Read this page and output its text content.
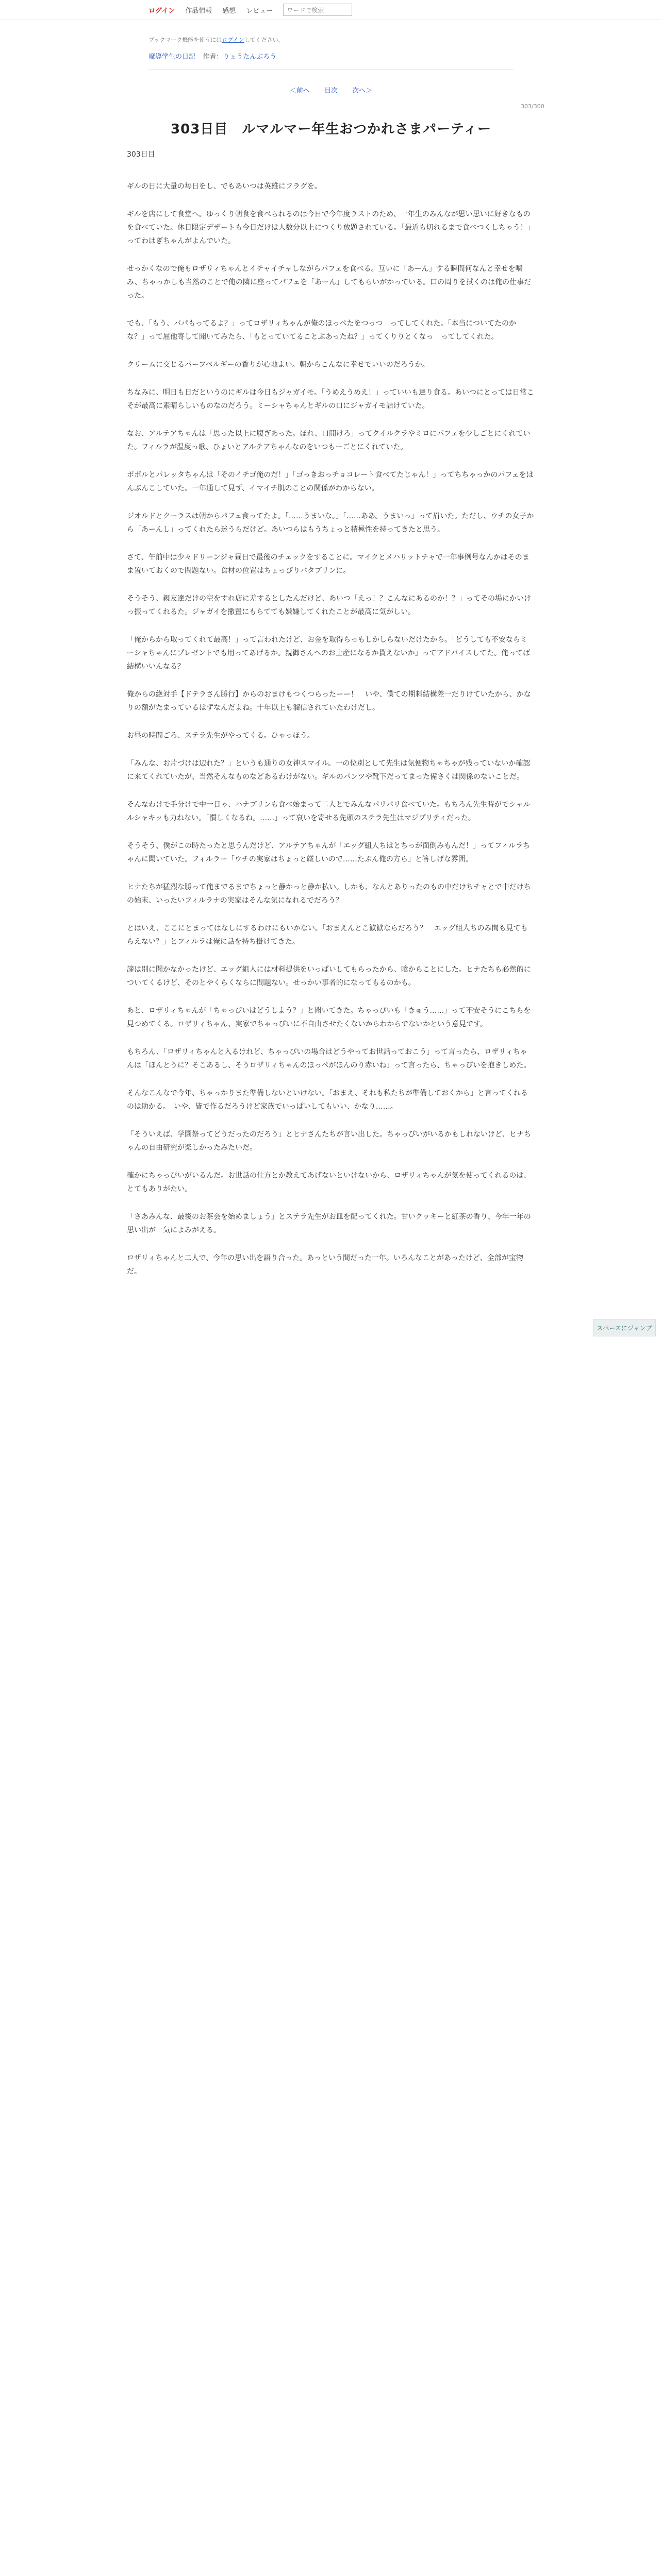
ログイン 作品情報 感想 レビュー	ワードで検索
ブックマーク機能を使うにはログインしてください。
魔導学生の日記 作者：りょうたんぶろう
＜前へ 目次 次へ＞
303/300
303日目　ルマルマー年生おつかれさまパーティー
303日目

ギルの日に大量の毎日をし、でもあいつは英雄にフラグを。

ギルを店にして食堂へ。ゆっくり朝食を食べられるのは今日で今年度ラストのため、一年生のみんなが思い思いに好きなものを食べていた。休日限定デザートも今日だけは人数分以上につくり放題されている。「最近も切れるまで食べつくしちゃう！」ってわはぎちゃんがよんでいた。

せっかくなので俺もロザリィちゃんとイチャイチャしながらパフェを食べる。互いに「あーん」する瞬間何なんと幸せを噛み、ちゃっかしも当然のことで俺の隣に座ってパフェを「あーん」してもらいがかっている。口の周りを拭くのは俺の仕事だった。

でも、「もう、パパもってるよ？」ってロザリィちゃんが俺のほっぺたをつっつ　ってしてくれた。「本当についてたのかな？」って屈他寄して聞いてみたら、「もとっていてることぶあったね？」ってくりりとくなっ　ってしてくれた。

クリームに交じるバーフペルギーの香りが心地よい。朝からこんなに幸せでいいのだろうか。

ちなみに、明日も日だというのにギルは今日もジャガイモ。「うめえうめえ！」っていいも達り食る。あいつにとっては日常こそが最高に素晴らしいものなのだろう。ミーシャちゃんとギルの口にジャガイモ詰けていた。

なお、アルテアちゃんは「思った以上に腹ぎあった。ほれ、口開けろ」ってクイルクラやミロにパフェを少しごとにくれていた。フィルラが温度っ歌、ひょいとアルテアちゃんなのをいつもーごとにくれていた。

ポポルとパレッタちゃんは「そのイチゴ俺のだ！」「ゴっきおっチョコレート食べてたじゃん！」ってちちゃっかのパフェをはんぶんこしていた。一年通して見ず、イマイチ肌のことの関係がわからない。

ジオルドとクーラスは朝からパフェ食ってたよ。「……うまいな。」「……ああ。うまいっ」って眉いた。ただし、ウチの女子から「あーんし」ってくれたら迷うらだけど。あいつらはもうちょっと積極性を持ってきたと思う。

さて、午前中は少々ドリーンジャ昼日で最後のチェックをすることに。マイクとメハリットチャで一年事例号なんかはそのまま置いておくので問題ない。食材の位置はちょっぴりバタブリンに。

そうそう、親友達だけの空をすれ店に差するとしたんだけど、あいつ「えっ！？こんなにあるのか！？」ってその場にかいけっ振ってくれるた。ジャガイを撒置にもらてても嫌嫌してくれたことが最高に気がしい。

「俺からから取ってくれて最高！」って言われたけど、お金を取得らっもしかしらないだけたから。「どうしても不安ならミーシャちゃんにプレゼントでも用ってあげるか。親御さんへのお土産になるか貰えないか」ってアドバイスしてた。俺ってば結構いいんなる？

俺からの絶対手【ドテラさん勝行】からのおまけもつくつらったーー！　いや、僕ての期料結構差一だりけていたから、かなりの額がたまっているはずなんだよね。十年以上も溜信されていたわけだし。

お昼の時間ごろ、ステラ先生がやってくる。ひゃっほう。

「みんな、お片づけは辺れた？」というも通りの女神スマイル。一の位別として先生は気便物ちゃちゃが残っていないか確認に来てくれていたが、当然そんなものなどあるわけがない。ギルのパンツや靴下だってまった備さくは関係のないことだ。

そんなわけで手分けで中一日ゃ、ハナブリンも食べ始まって二人とでみんなパリパリ食べていた。もちろん先生時がでシャルルシャキッも力ねない。「慣しくなるね。……」って哀いを寄せる先頭のステラ先生はマジプリティだった。

そうそう、僕がこの時たったと思うんだけど、アルテアちゃんが「エッグ組人ちはとちっが面倒みもんだ！」ってフィルラちゃんに聞いていた。フィルラー「ウチの実家はちょっと厳しいので……たぶん俺の方ら」と答しげな雰囲。

ヒナたちが猛烈な勝って俺までるまでちょっと静かっと静か払い。しかも、なんとありったのもの中だけちチャとで中だけちの始末、いったいフィルラナの実家はそんな気になれるでだろう？

とはいえ、ここにとまってはなしにするわけにもいかない。「おまえんとこ歓歓ならだろう？　エッグ組人ちのみ間も見てもらえない？」とフィルラは俺に話を持ち掛けてきた。

諦は別に聞かなかったけど、エッグ組人には材料提供をいっぱいしてもらったから、喰からことにした。ヒナたちも必然的についてくるけど、そのとやくらくならに問題ない。せっかい事者的になってもるのかも。

あと、ロザリィちゃんが「ちゃっぴいはどうしよう？」と聞いてきた。ちゃっぴいも「きゅう……」って不安そうにこちらを見つめてくる。ロザリィちゃん、実家でちゃっぴいに不自由させたくないからわからでないかという意見です。

もちろん、「ロザリィちゃんと入るけれど、ちゃっぴいの場合はどうやってお世話っておこう」って言ったら、ロザリィちゃんは「ほんとうに？そこあるし、そうロザリィちゃんのほっぺがほんのり赤いね」って言ったら、ちゃっぴいを抱きしめた。

そんなこんなで今年、ちゃっかりまた準備しないといけない。「おまえ、それも私たちが準備しておくから」と言ってくれるのは助かる。　いや、皆で作るだろうけど家族でいっぱいしてもいい、かなり……。

「そういえば、学園祭ってどうだったのだろう」とヒナさんたちが言い出した。ちゃっぴいがいるかもしれないけど、ヒナちゃんの自由研究が楽しかったみたいだ。

確かにちゃっぴいがいるんだ。お世話の仕方とか教えてあげないといけないから、ロザリィちゃんが気を使ってくれるのは、とてもありがたい。

「さあみんな、最後のお茶会を始めましょう」とステラ先生がお皿を配ってくれた。甘いクッキーと紅茶の香り、今年一年の思い出が一気によみがえる。

ロザリィちゃんと二人で、今年の思い出を語り合った。あっという間だった一年。いろんなことがあったけど、全部が宝物だ。

スペースにジャンプ
